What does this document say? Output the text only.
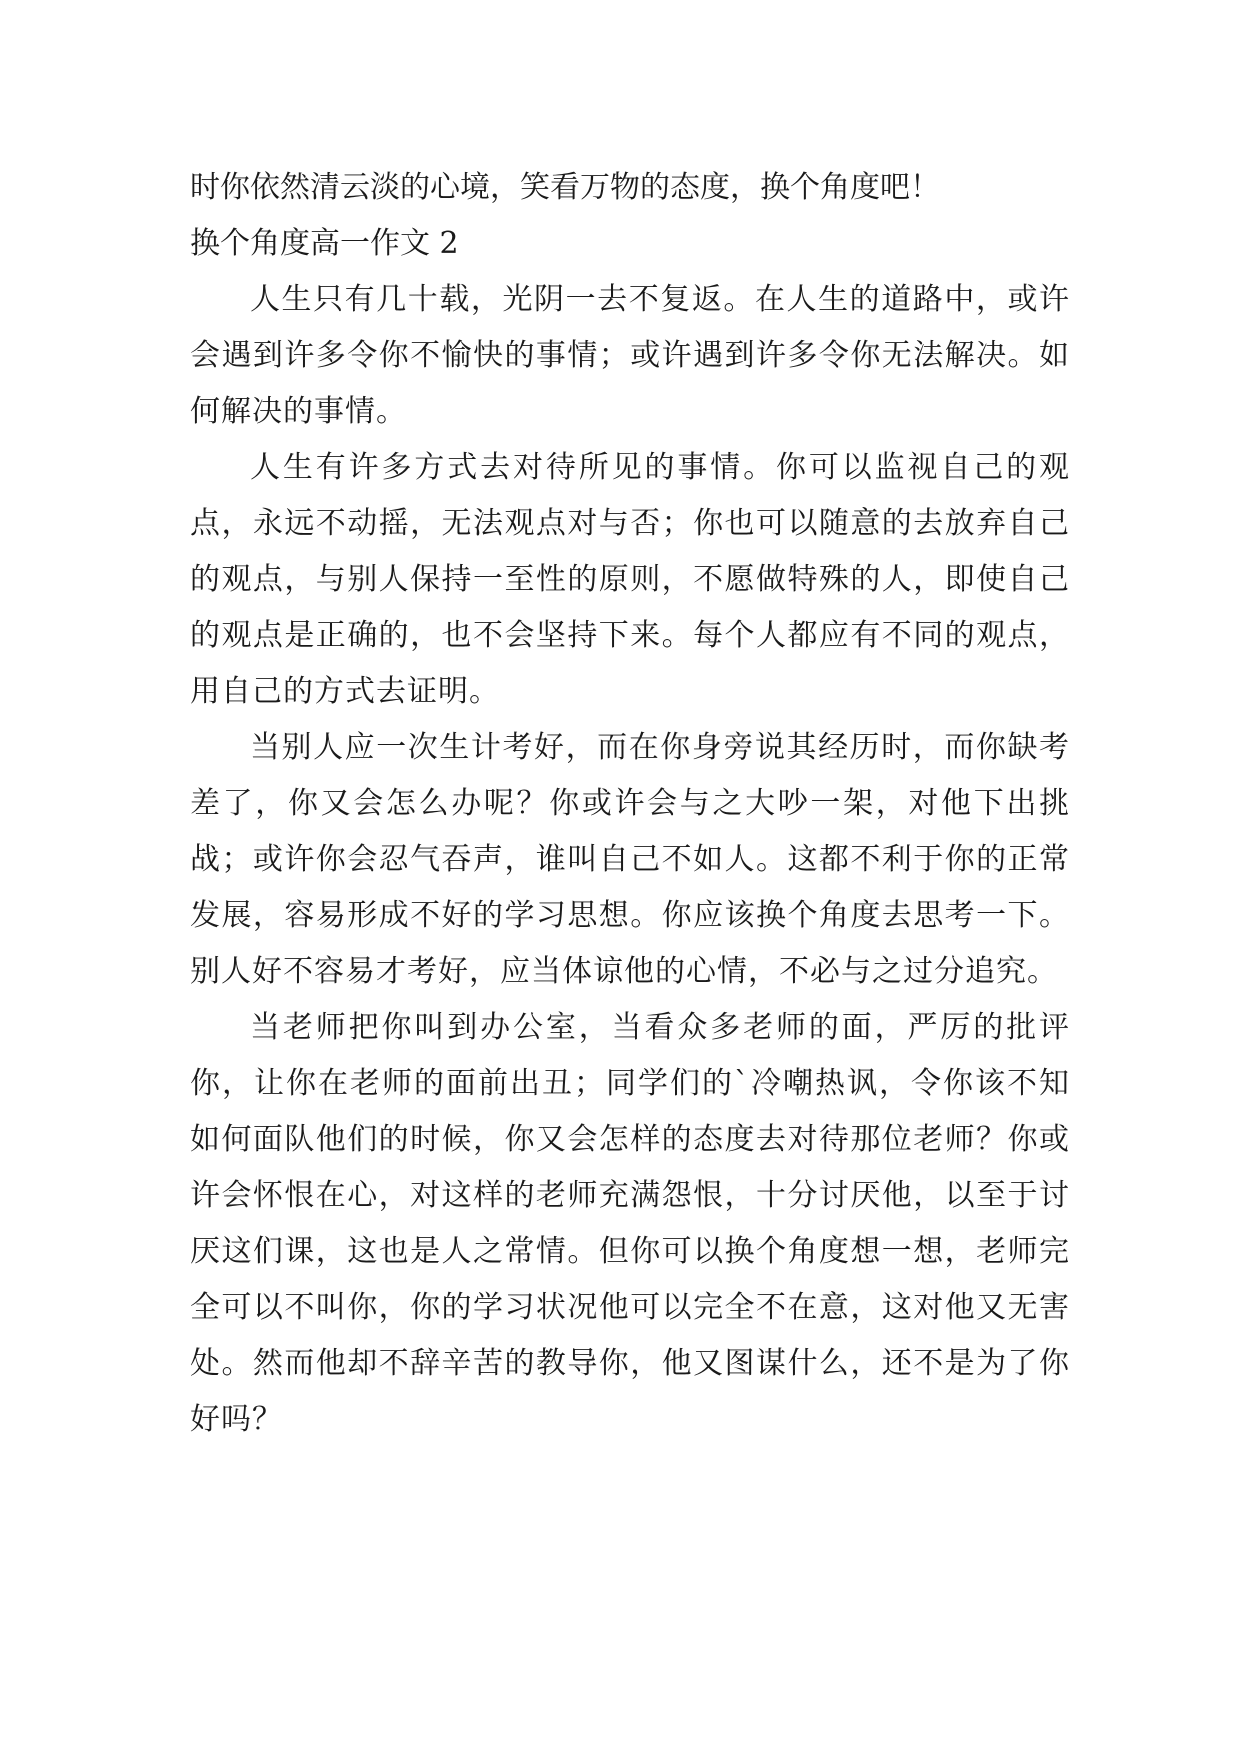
时你依然清云淡的心境，笑看万物的态度，换个角度吧！

换个角度高一作文 2

人生只有几十载，光阴一去不复返。在人生的道路中，或许会遇到许多令你不愉快的事情；或许遇到许多令你无法解决。如何解决的事情。

人生有许多方式去对待所见的事情。你可以监视自己的观点，永远不动摇，无法观点对与否；你也可以随意的去放弃自己的观点，与别人保持一至性的原则，不愿做特殊的人，即使自己的观点是正确的，也不会坚持下来。每个人都应有不同的观点，用自己的方式去证明。

当别人应一次生计考好，而在你身旁说其经历时，而你缺考差了，你又会怎么办呢？你或许会与之大吵一架，对他下出挑战；或许你会忍气吞声，谁叫自己不如人。这都不利于你的正常发展，容易形成不好的学习思想。你应该换个角度去思考一下。别人好不容易才考好，应当体谅他的心情，不必与之过分追究。

当老师把你叫到办公室，当看众多老师的面，严厉的批评你，让你在老师的面前出丑；同学们的`冷嘲热讽，令你该不知如何面队他们的时候，你又会怎样的态度去对待那位老师？你或许会怀恨在心，对这样的老师充满怨恨，十分讨厌他，以至于讨厌这们课，这也是人之常情。但你可以换个角度想一想，老师完全可以不叫你，你的学习状况他可以完全不在意，这对他又无害处。然而他却不辞辛苦的教导你，他又图谋什么，还不是为了你好吗？
